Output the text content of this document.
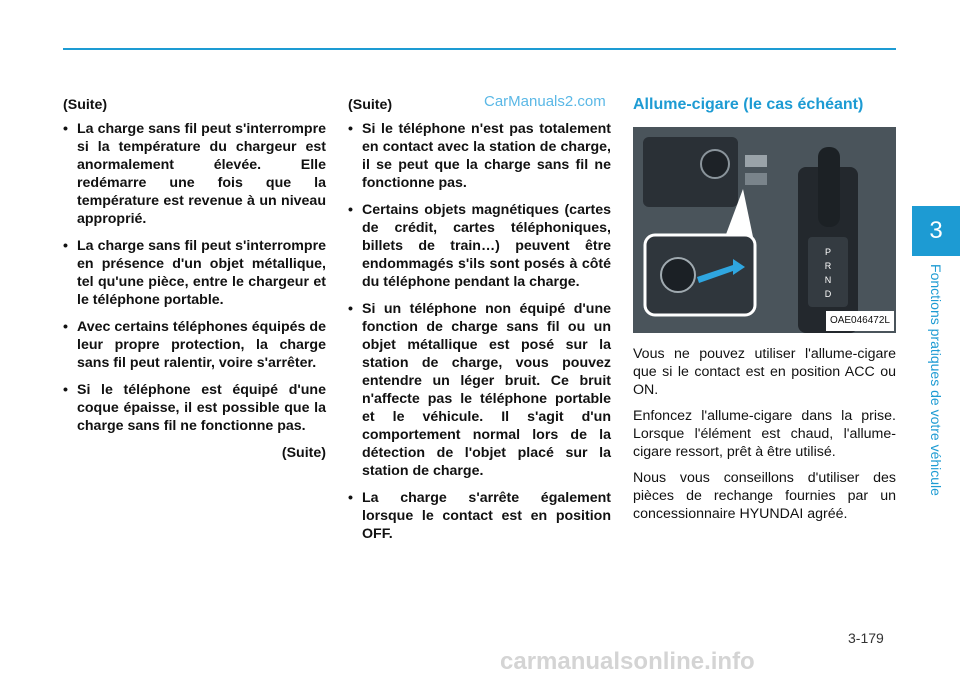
(Suite)
• La charge sans fil peut s'interrompre si la température du chargeur est anormalement élevée. Elle redémarre une fois que la température est revenue à un niveau approprié.
• La charge sans fil peut s'interrompre en présence d'un objet métallique, tel qu'une pièce, entre le chargeur et le téléphone portable.
• Avec certains téléphones équipés de leur propre protection, la charge sans fil peut ralentir, voire s'arrêter.
• Si le téléphone est équipé d'une coque épaisse, il est possible que la charge sans fil ne fonctionne pas.
(Suite)
(Suite)
• Si le téléphone n'est pas totalement en contact avec la station de charge, il se peut que la charge sans fil ne fonctionne pas.
• Certains objets magnétiques (cartes de crédit, cartes téléphoniques, billets de train…) peuvent être endommagés s'ils sont posés à côté du téléphone pendant la charge.
• Si un téléphone non équipé d'une fonction de charge sans fil ou un objet métallique est posé sur la station de charge, vous pouvez entendre un léger bruit. Ce bruit n'affecte pas le téléphone portable et le véhicule. Il s'agit d'un comportement normal lors de la détection de l'objet placé sur la station de charge.
• La charge s'arrête également lorsque le contact est en position OFF.
CarManuals2.com Allume-cigare (le cas échéant)
P
R
N
D
OAE046472L

Vous ne pouvez utiliser l'allume-cigare que si le contact est en position ACC ou ON.

Enfoncez l'allume-cigare dans la prise. Lorsque l'élément est chaud, l'allume-cigare ressort, prêt à être utilisé.

Nous vous conseillons d'utiliser des pièces de rechange fournies par un concessionnaire HYUNDAI agréé.

3
Fonctions pratiques de votre véhicule
3-179
carmanualsonline.info
